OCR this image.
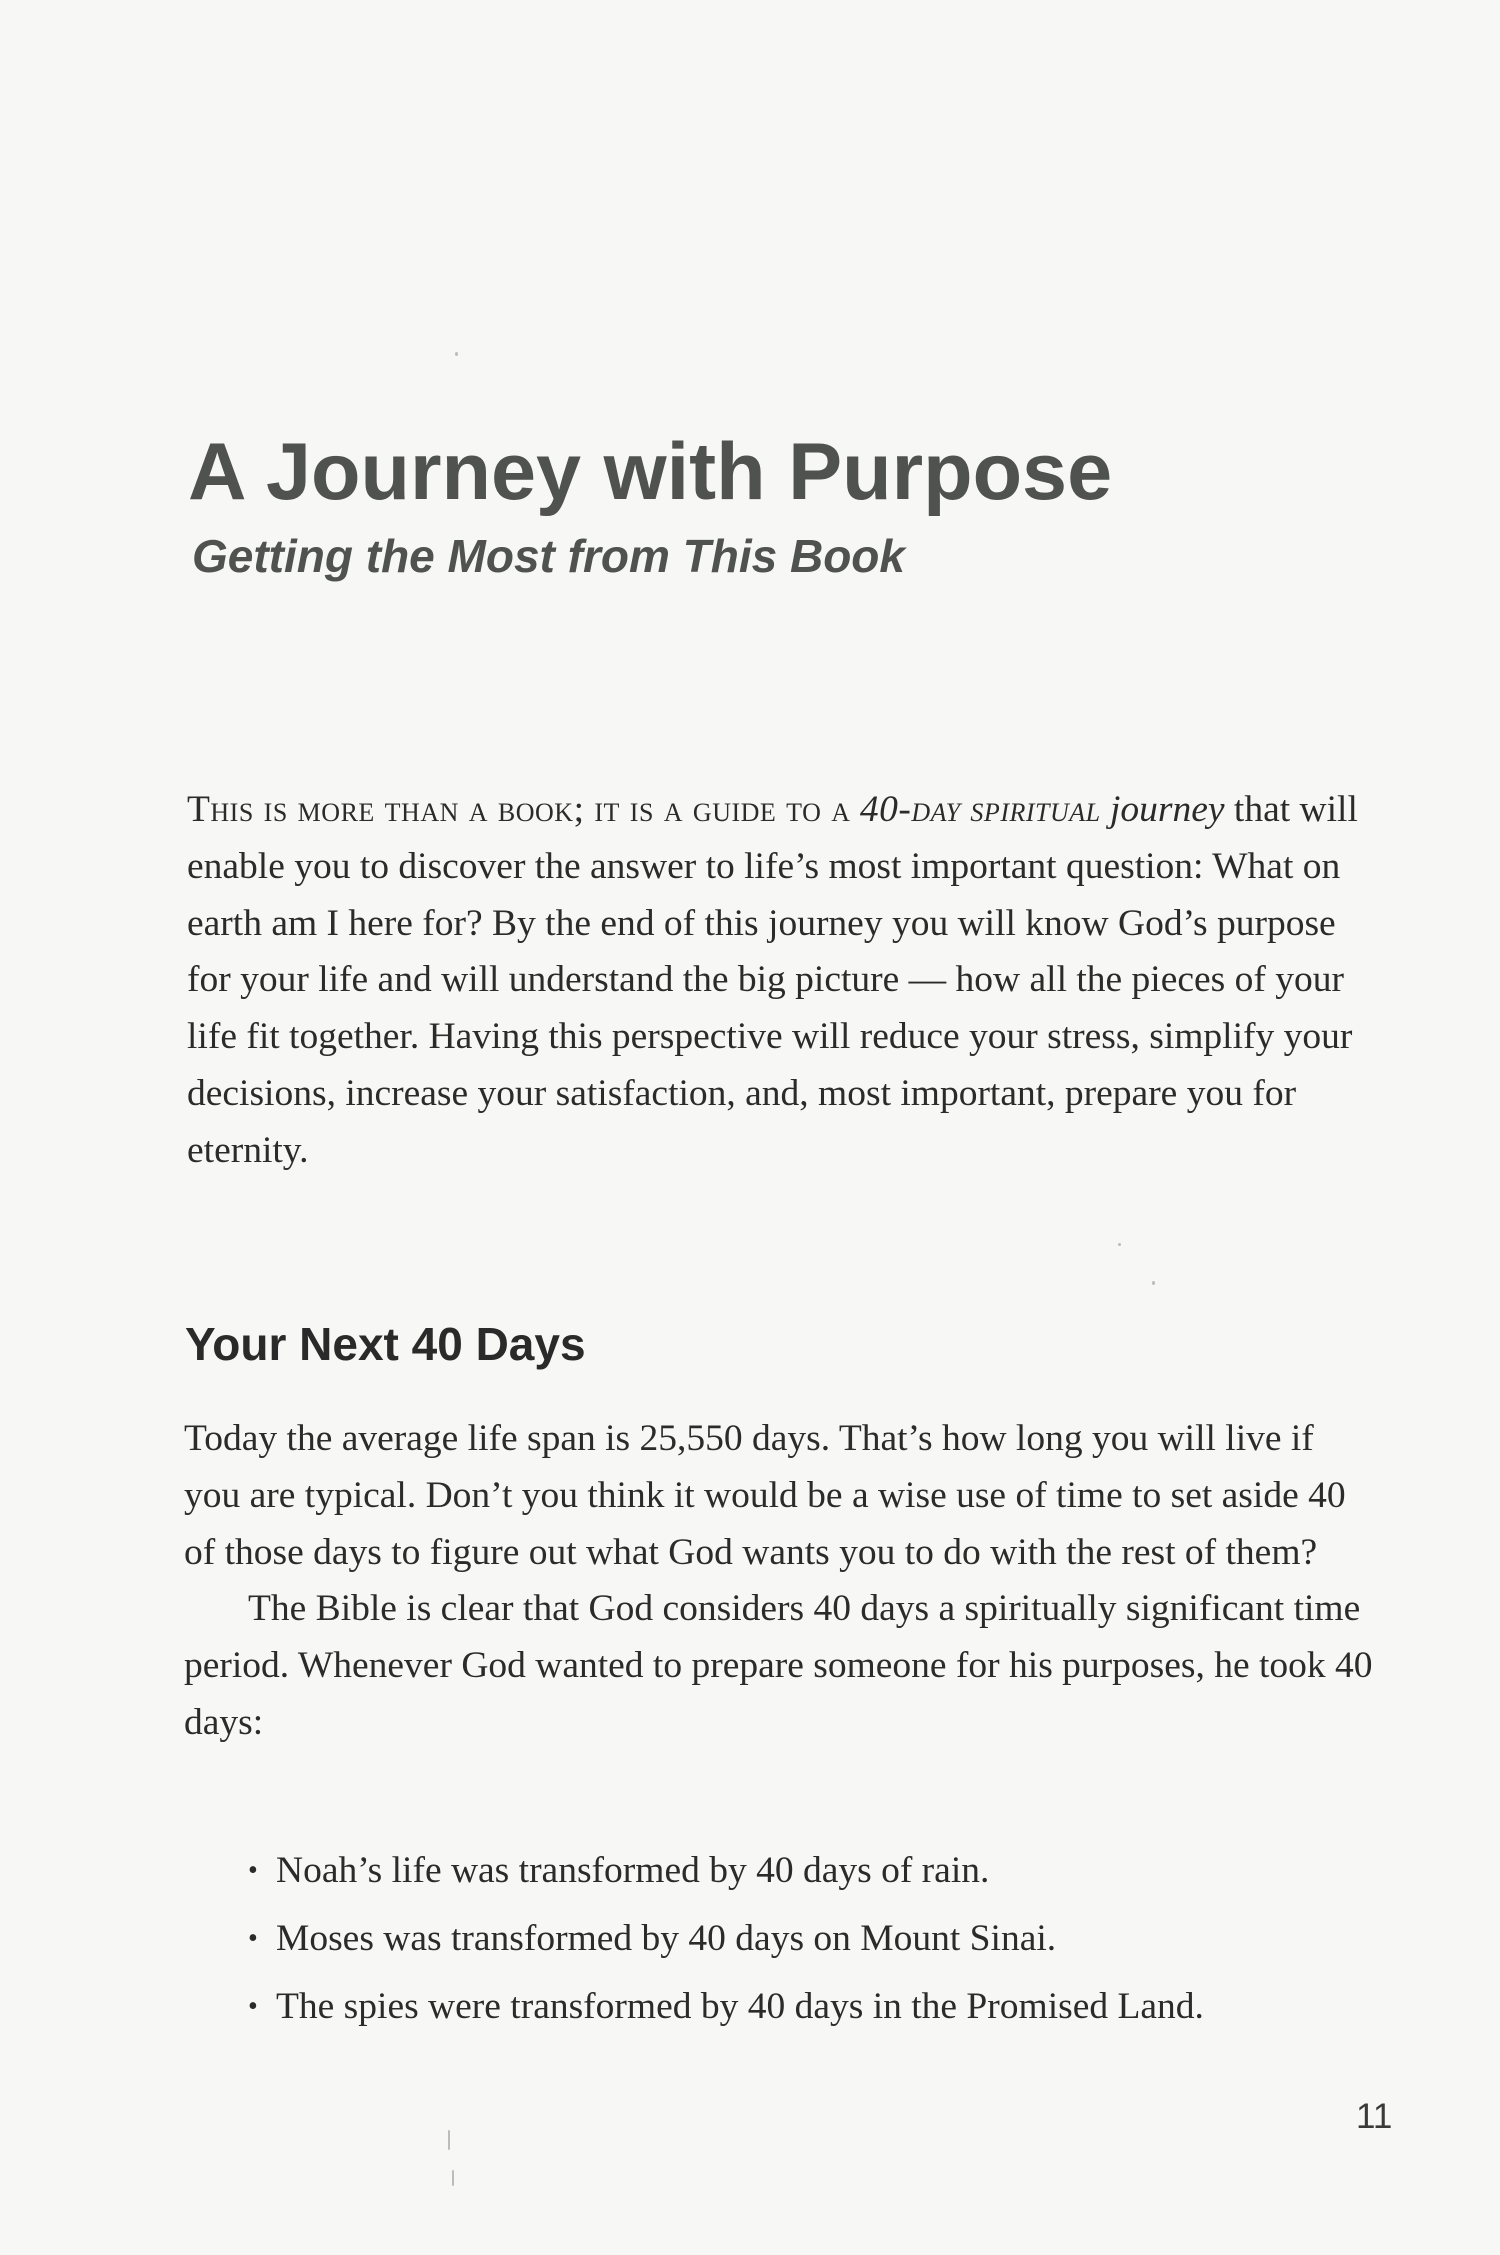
A Journey with Purpose
Getting the Most from This Book

This is more than a book; it is a guide to a 40-day spiritual journey that will enable you to discover the answer to life’s most important question: What on earth am I here for? By the end of this journey you will know God’s purpose for your life and will understand the big picture — how all the pieces of your life fit together. Having this perspective will reduce your stress, simplify your decisions, increase your satisfaction, and, most important, prepare you for eternity.

Your Next 40 Days

Today the average life span is 25,550 days. That’s how long you will live if you are typical. Don’t you think it would be a wise use of time to set aside 40 of those days to figure out what God wants you to do with the rest of them?

The Bible is clear that God considers 40 days a spiritually significant time period. Whenever God wanted to prepare someone for his purposes, he took 40 days:

• Noah’s life was transformed by 40 days of rain.
• Moses was transformed by 40 days on Mount Sinai.
• The spies were transformed by 40 days in the Promised Land.
11
